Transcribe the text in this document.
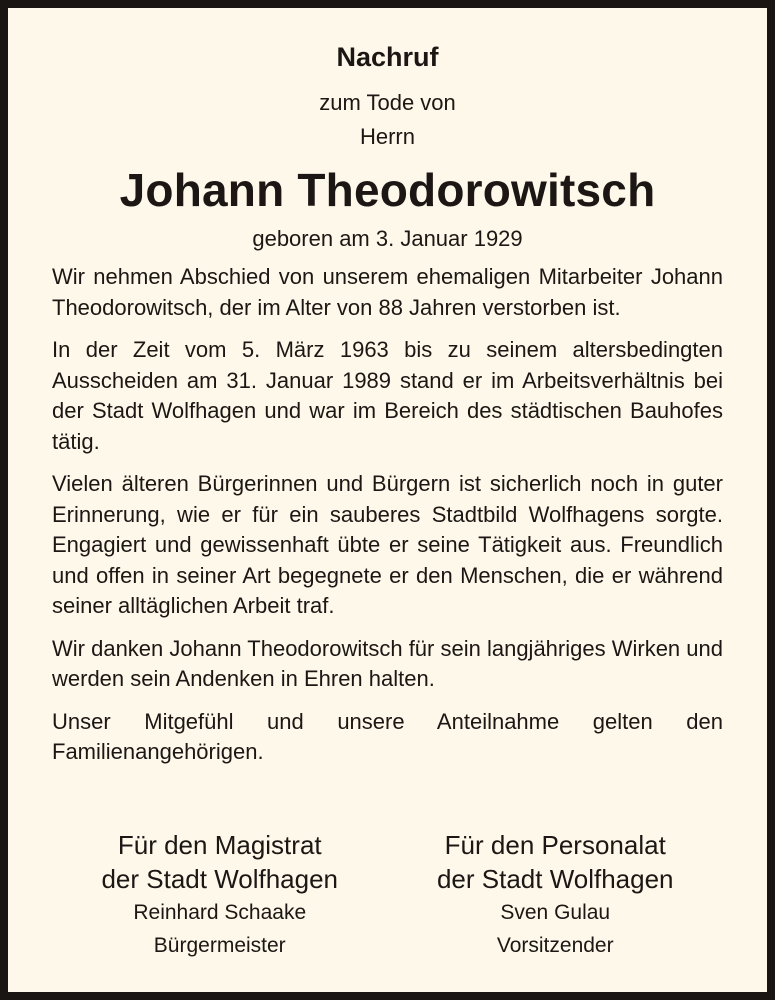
Nachruf
zum Tode von
Herrn
Johann Theodorowitsch
geboren am 3. Januar 1929

Wir nehmen Abschied von unserem ehemaligen Mitarbeiter Johann Theodorowitsch, der im Alter von 88 Jahren verstorben ist.

In der Zeit vom 5. März 1963 bis zu seinem altersbedingten Ausscheiden am 31. Januar 1989 stand er im Arbeitsverhältnis bei der Stadt Wolfhagen und war im Bereich des städtischen Bauhofes tätig.

Vielen älteren Bürgerinnen und Bürgern ist sicherlich noch in guter Erinnerung, wie er für ein sauberes Stadtbild Wolfhagens sorgte. Engagiert und gewissenhaft übte er seine Tätigkeit aus. Freundlich und offen in seiner Art begegnete er den Menschen, die er während seiner alltäglichen Arbeit traf.

Wir danken Johann Theodorowitsch für sein langjähriges Wirken und werden sein Andenken in Ehren halten.

Unser Mitgefühl und unsere Anteilnahme gelten den Familienangehörigen.

Für den Magistrat
der Stadt Wolfhagen
Reinhard Schaake
Bürgermeister
Für den Personalat
der Stadt Wolfhagen
Sven Gulau
Vorsitzender
